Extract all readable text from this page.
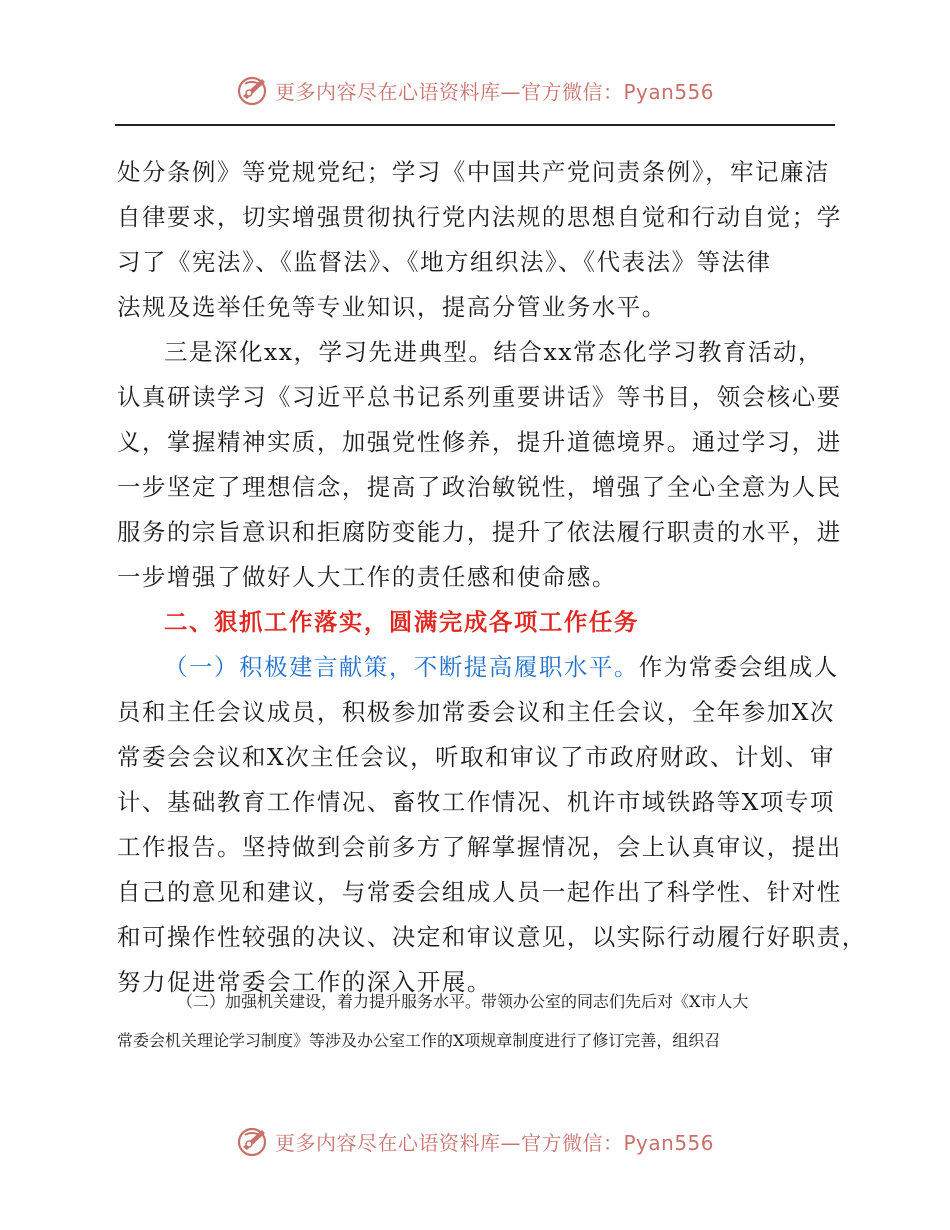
更多内容尽在心语资料库—官方微信：Pyan556
处分条例》等党规党纪；学习《中国共产党问责条例》，牢记廉洁
自律要求，切实增强贯彻执行党内法规的思想自觉和行动自觉；学
习了《宪法》、《监督法》、《地方组织法》、《代表法》等法律
法规及选举任免等专业知识，提高分管业务水平。
三是深化xx，学习先进典型。结合xx常态化学习教育活动，
认真研读学习《习近平总书记系列重要讲话》等书目，领会核心要
义，掌握精神实质，加强党性修养，提升道德境界。通过学习，进
一步坚定了理想信念，提高了政治敏锐性，增强了全心全意为人民
服务的宗旨意识和拒腐防变能力，提升了依法履行职责的水平，进
一步增强了做好人大工作的责任感和使命感。
二、狠抓工作落实，圆满完成各项工作任务
（一）积极建言献策，不断提高履职水平。作为常委会组成人
员和主任会议成员，积极参加常委会议和主任会议，全年参加X次
常委会会议和X次主任会议，听取和审议了市政府财政、计划、审
计、基础教育工作情况、畜牧工作情况、机许市域铁路等X项专项
工作报告。坚持做到会前多方了解掌握情况，会上认真审议，提出
自己的意见和建议，与常委会组成人员一起作出了科学性、针对性
和可操作性较强的决议、决定和审议意见，以实际行动履行好职责，
努力促进常委会工作的深入开展。
（二）加强机关建设，着力提升服务水平。带领办公室的同志们先后对《X市人大
常委会机关理论学习制度》等涉及办公室工作的X项规章制度进行了修订完善，组织召
更多内容尽在心语资料库—官方微信：Pyan556
